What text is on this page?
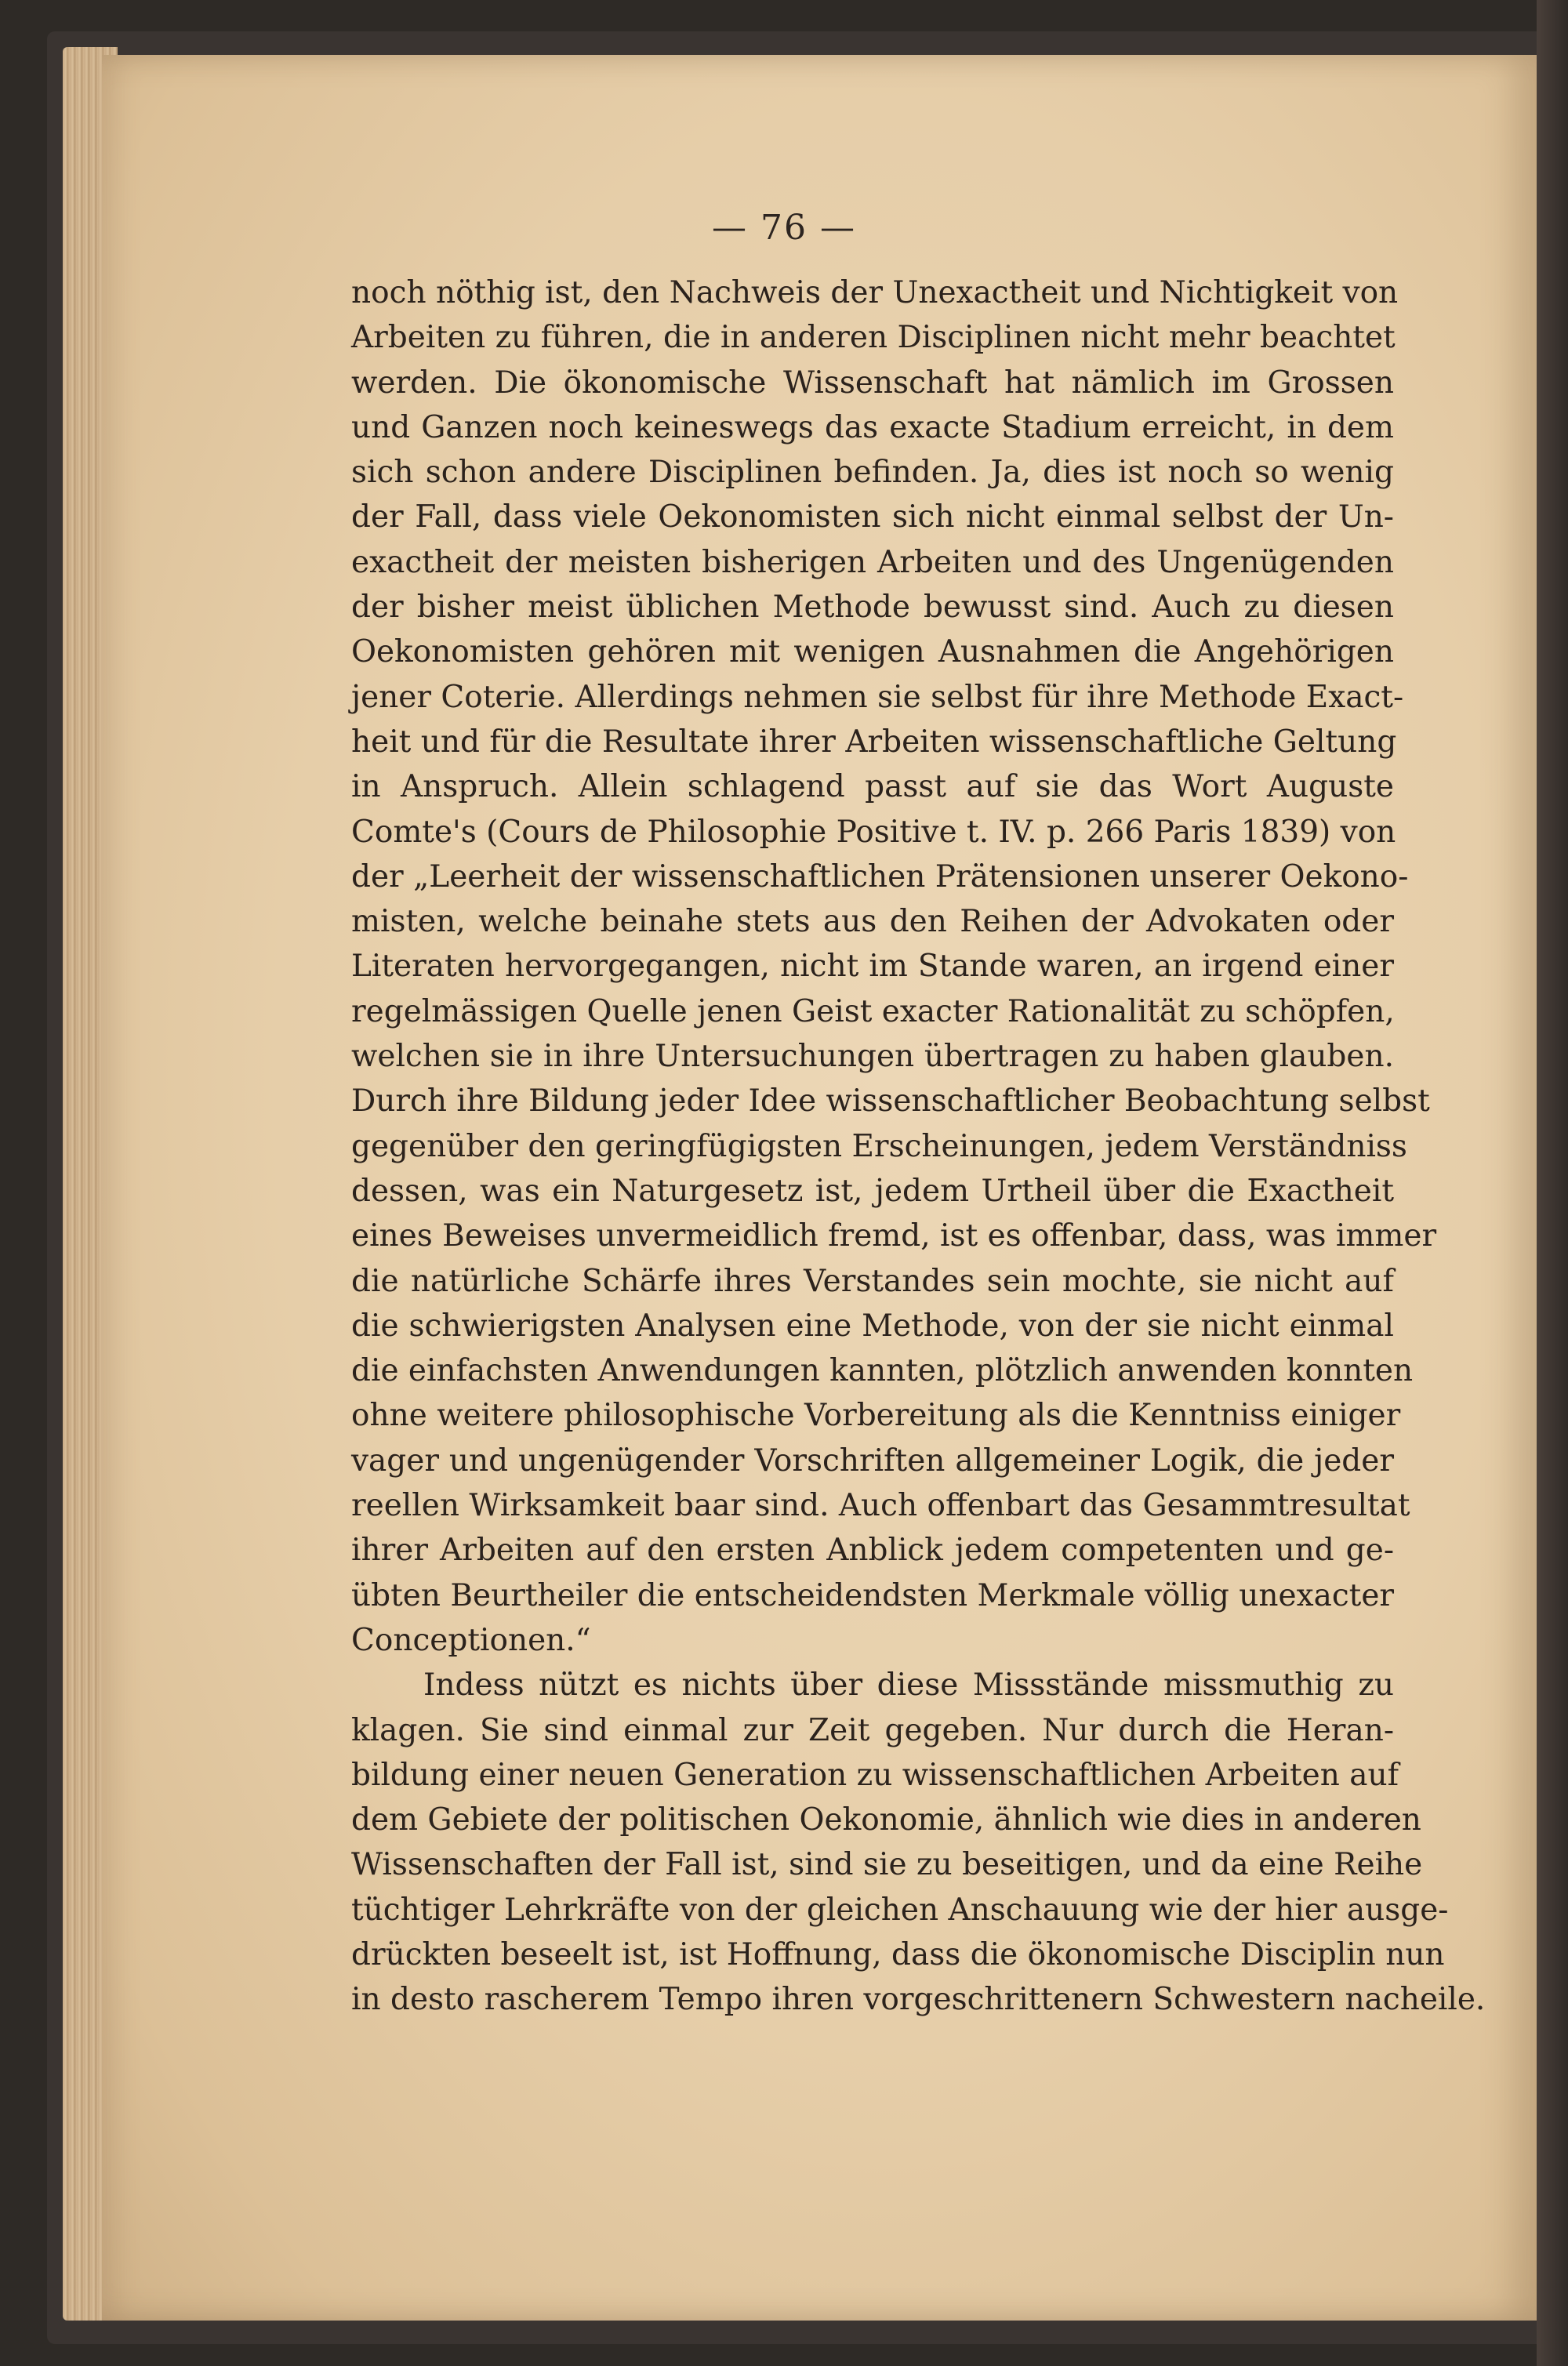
— 76 —

noch nöthig ist, den Nachweis der Unexactheit und Nichtigkeit von
Arbeiten zu führen, die in anderen Disciplinen nicht mehr beachtet
werden. Die ökonomische Wissenschaft hat nämlich im Grossen
und Ganzen noch keineswegs das exacte Stadium erreicht, in dem
sich schon andere Disciplinen befinden. Ja, dies ist noch so wenig
der Fall, dass viele Oekonomisten sich nicht einmal selbst der Un-
exactheit der meisten bisherigen Arbeiten und des Ungenügenden
der bisher meist üblichen Methode bewusst sind. Auch zu diesen
Oekonomisten gehören mit wenigen Ausnahmen die Angehörigen
jener Coterie. Allerdings nehmen sie selbst für ihre Methode Exact-
heit und für die Resultate ihrer Arbeiten wissenschaftliche Geltung
in Anspruch. Allein schlagend passt auf sie das Wort Auguste
Comte's (Cours de Philosophie Positive t. IV. p. 266 Paris 1839) von
der „Leerheit der wissenschaftlichen Prätensionen unserer Oekono-
misten, welche beinahe stets aus den Reihen der Advokaten oder
Literaten hervorgegangen, nicht im Stande waren, an irgend einer
regelmässigen Quelle jenen Geist exacter Rationalität zu schöpfen,
welchen sie in ihre Untersuchungen übertragen zu haben glauben.
Durch ihre Bildung jeder Idee wissenschaftlicher Beobachtung selbst
gegenüber den geringfügigsten Erscheinungen, jedem Verständniss
dessen, was ein Naturgesetz ist, jedem Urtheil über die Exactheit
eines Beweises unvermeidlich fremd, ist es offenbar, dass, was immer
die natürliche Schärfe ihres Verstandes sein mochte, sie nicht auf
die schwierigsten Analysen eine Methode, von der sie nicht einmal
die einfachsten Anwendungen kannten, plötzlich anwenden konnten
ohne weitere philosophische Vorbereitung als die Kenntniss einiger
vager und ungenügender Vorschriften allgemeiner Logik, die jeder
reellen Wirksamkeit baar sind. Auch offenbart das Gesammtresultat
ihrer Arbeiten auf den ersten Anblick jedem competenten und ge-
übten Beurtheiler die entscheidendsten Merkmale völlig unexacter
Conceptionen.“

Indess nützt es nichts über diese Missstände missmuthig zu
klagen. Sie sind einmal zur Zeit gegeben. Nur durch die Heran-
bildung einer neuen Generation zu wissenschaftlichen Arbeiten auf
dem Gebiete der politischen Oekonomie, ähnlich wie dies in anderen
Wissenschaften der Fall ist, sind sie zu beseitigen, und da eine Reihe
tüchtiger Lehrkräfte von der gleichen Anschauung wie der hier ausge-
drückten beseelt ist, ist Hoffnung, dass die ökonomische Disciplin nun
in desto rascherem Tempo ihren vorgeschrittenern Schwestern nacheile.
